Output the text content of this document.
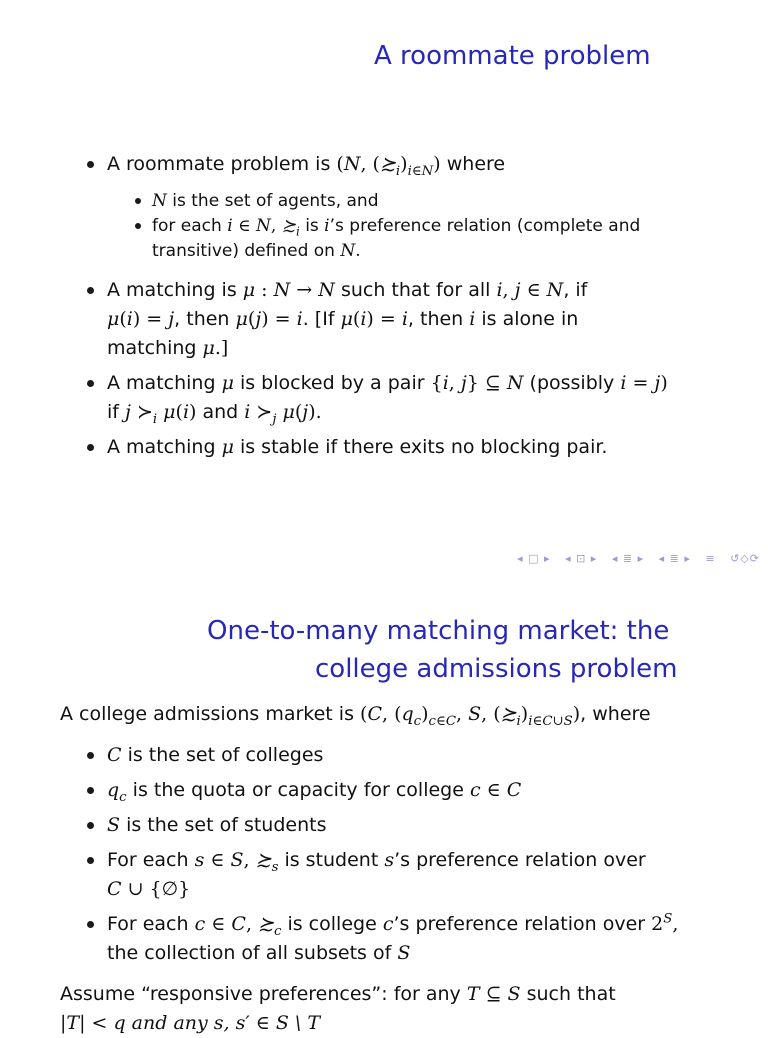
A roommate problem
A roommate problem is (N, $(≿_i)_{i\in N}$) where
N is the set of agents, and
for each i ∈ N, $≿_i$ is i’s preference relation (complete and
transitive) defined on N.
A matching is μ : N → N such that for all i, j ∈ N, if
μ(i) = j, then μ(j) = i. [If μ(i) = i, then i is alone in
matching μ.]
A matching μ is blocked by a pair {i, j} ⊆ N (possibly i = j)
if j $≻_i$ μ(i) and i $≻_j$ μ(j).
A matching μ is stable if there exits no blocking pair.
◂ □ ▸ ◂ ⊡ ▸ ◂ ≣ ▸ ◂ ≣ ▸ ≡ ↺◇⟳
One-to-many matching market: the
college admissions problem
A college admissions market is (C, $(q_c)_{c\in C}$, S, $(≿_i)_{i\in C\cup S}$), where
C is the set of colleges
$q_c$ is the quota or capacity for college c ∈ C
S is the set of students
For each s ∈ S, $≿_s$ is student s’s preference relation over
C ∪ {∅}
For each c ∈ C, $≿_c$ is college c’s preference relation over $2^S$,
the collection of all subsets of S
Assume “responsive preferences”: for any T ⊆ S such that
|T| < q and any s, s′ ∈ S \ T
